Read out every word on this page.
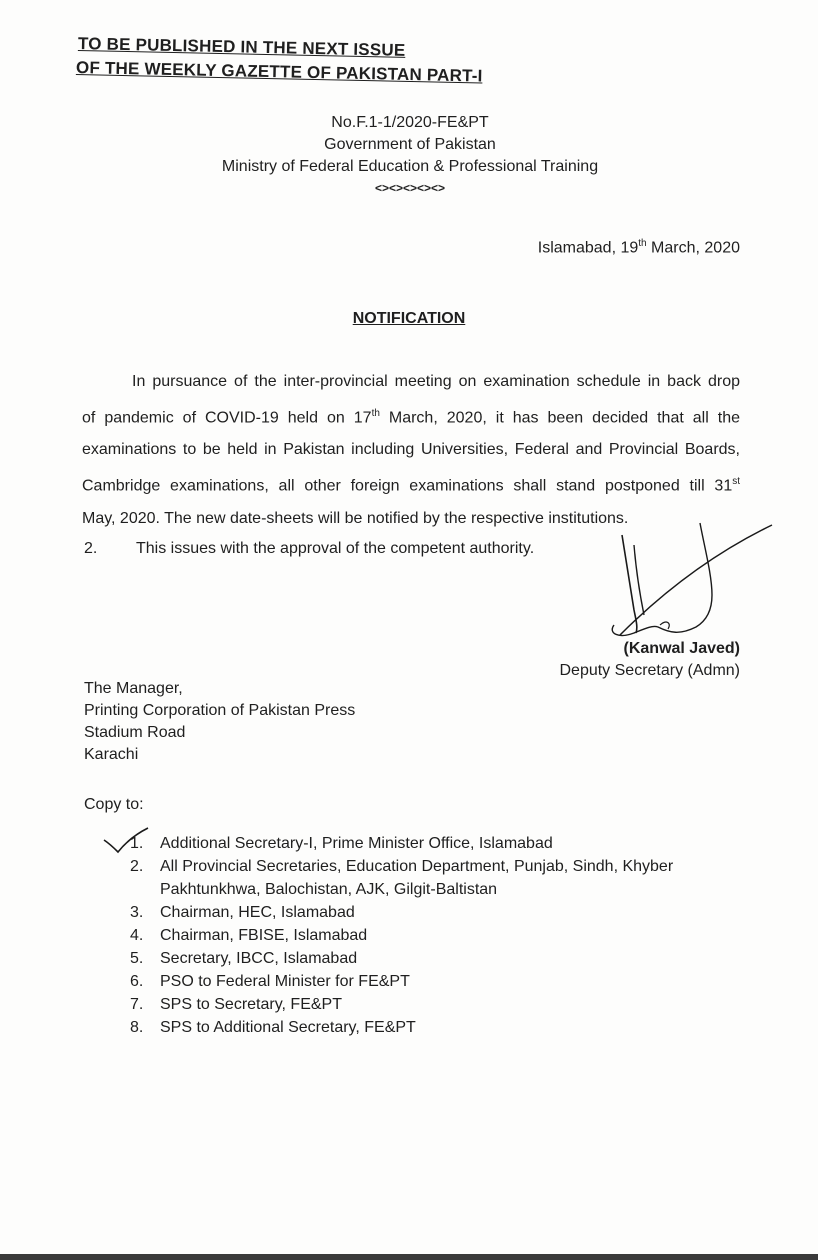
TO BE PUBLISHED IN THE NEXT ISSUE
OF THE WEEKLY GAZETTE OF PAKISTAN PART-I
No.F.1-1/2020-FE&PT
Government of Pakistan
Ministry of Federal Education & Professional Training
<><><><><>
Islamabad, 19th March, 2020
NOTIFICATION
In pursuance of the inter-provincial meeting on examination schedule in back drop
of pandemic of COVID-19 held on 17th March, 2020, it has been decided that all the
examinations to be held in Pakistan including Universities, Federal and Provincial Boards,
Cambridge examinations, all other foreign examinations shall stand postponed till 31st
May, 2020. The new date-sheets will be notified by the respective institutions.
2. This issues with the approval of the competent authority.
(Kanwal Javed)
Deputy Secretary (Admn)
The Manager,
Printing Corporation of Pakistan Press
Stadium Road
Karachi
Copy to:
1.	Additional Secretary-I, Prime Minister Office, Islamabad
2.	All Provincial Secretaries, Education Department, Punjab, Sindh, Khyber Pakhtunkhwa, Balochistan, AJK, Gilgit-Baltistan
3.	Chairman, HEC, Islamabad
4.	Chairman, FBISE, Islamabad
5.	Secretary, IBCC, Islamabad
6.	PSO to Federal Minister for FE&PT
7.	SPS to Secretary, FE&PT
8.	SPS to Additional Secretary, FE&PT
